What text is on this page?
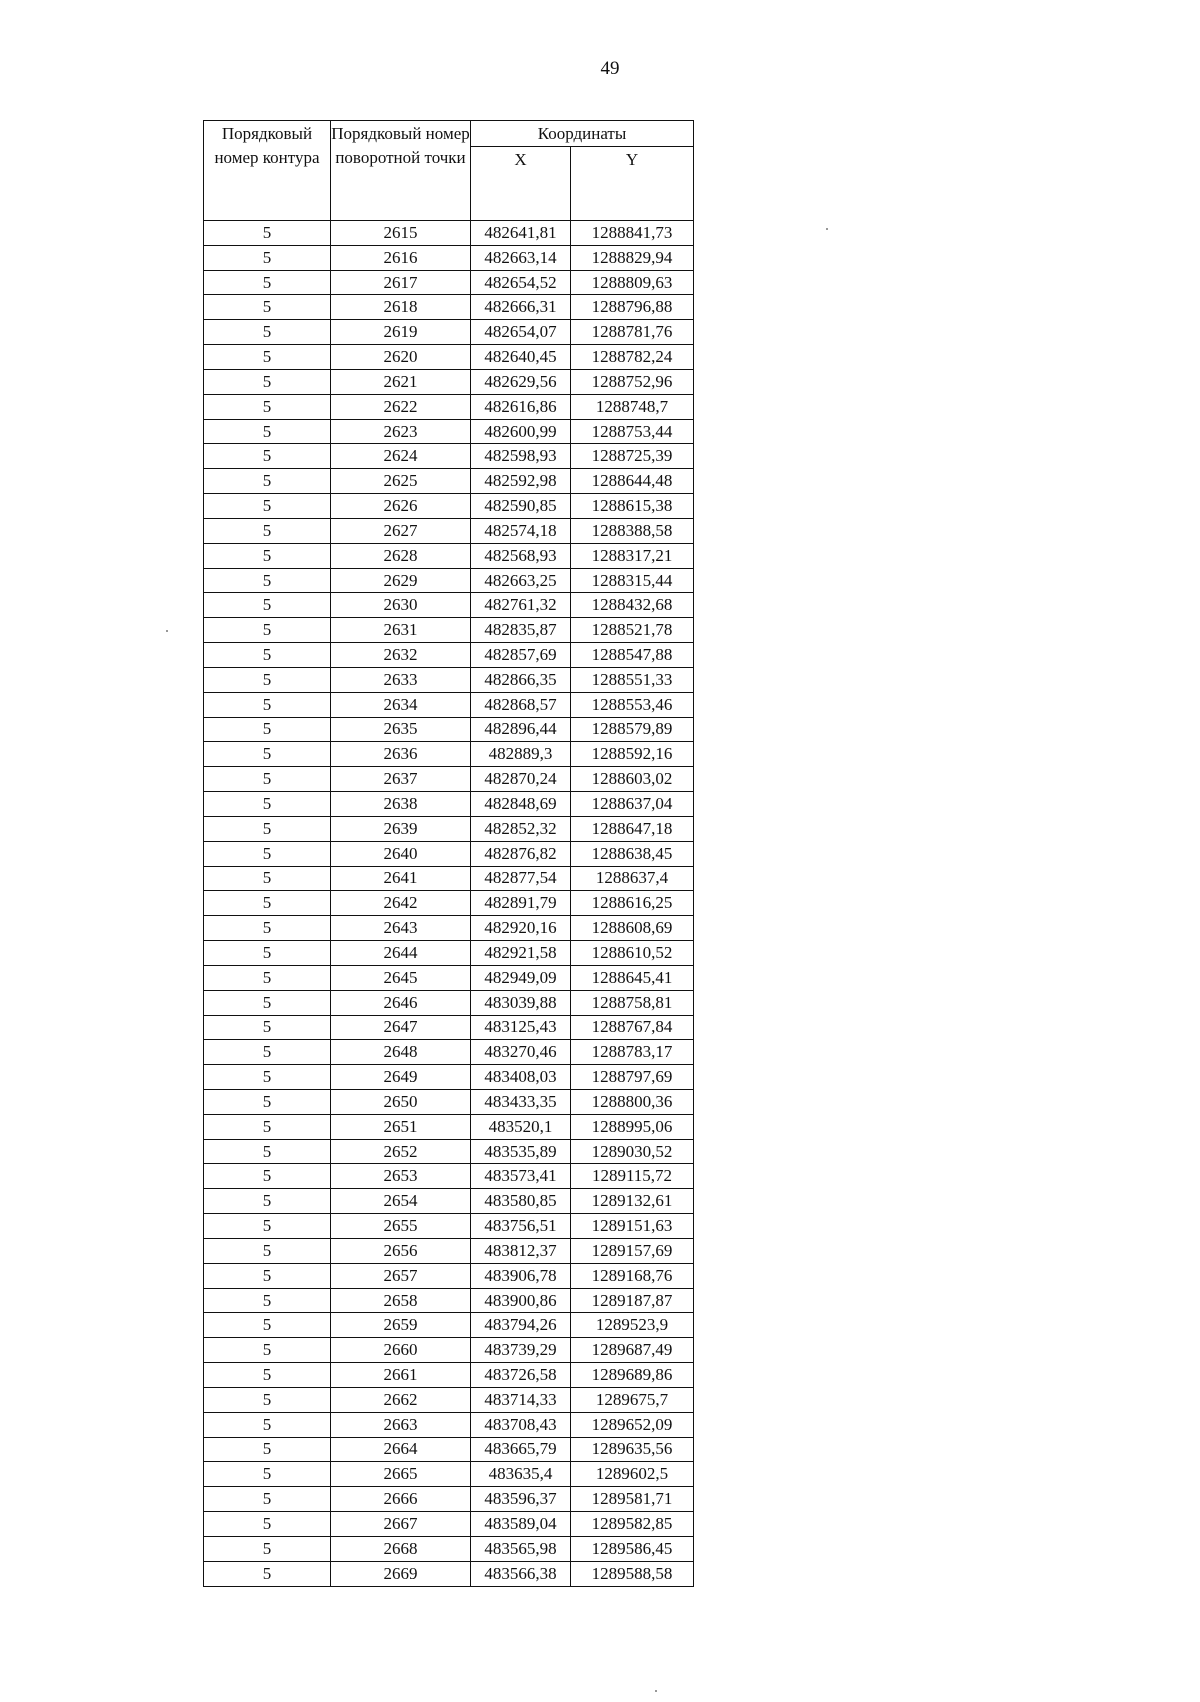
49
Порядковый номер контура	Порядковый номер поворотной точки	Координаты	
		X	Y
5	2615	482641,81	1288841,73
5	2616	482663,14	1288829,94
5	2617	482654,52	1288809,63
5	2618	482666,31	1288796,88
5	2619	482654,07	1288781,76
5	2620	482640,45	1288782,24
5	2621	482629,56	1288752,96
5	2622	482616,86	1288748,7
5	2623	482600,99	1288753,44
5	2624	482598,93	1288725,39
5	2625	482592,98	1288644,48
5	2626	482590,85	1288615,38
5	2627	482574,18	1288388,58
5	2628	482568,93	1288317,21
5	2629	482663,25	1288315,44
5	2630	482761,32	1288432,68
5	2631	482835,87	1288521,78
5	2632	482857,69	1288547,88
5	2633	482866,35	1288551,33
5	2634	482868,57	1288553,46
5	2635	482896,44	1288579,89
5	2636	482889,3	1288592,16
5	2637	482870,24	1288603,02
5	2638	482848,69	1288637,04
5	2639	482852,32	1288647,18
5	2640	482876,82	1288638,45
5	2641	482877,54	1288637,4
5	2642	482891,79	1288616,25
5	2643	482920,16	1288608,69
5	2644	482921,58	1288610,52
5	2645	482949,09	1288645,41
5	2646	483039,88	1288758,81
5	2647	483125,43	1288767,84
5	2648	483270,46	1288783,17
5	2649	483408,03	1288797,69
5	2650	483433,35	1288800,36
5	2651	483520,1	1288995,06
5	2652	483535,89	1289030,52
5	2653	483573,41	1289115,72
5	2654	483580,85	1289132,61
5	2655	483756,51	1289151,63
5	2656	483812,37	1289157,69
5	2657	483906,78	1289168,76
5	2658	483900,86	1289187,87
5	2659	483794,26	1289523,9
5	2660	483739,29	1289687,49
5	2661	483726,58	1289689,86
5	2662	483714,33	1289675,7
5	2663	483708,43	1289652,09
5	2664	483665,79	1289635,56
5	2665	483635,4	1289602,5
5	2666	483596,37	1289581,71
5	2667	483589,04	1289582,85
5	2668	483565,98	1289586,45
5	2669	483566,38	1289588,58
